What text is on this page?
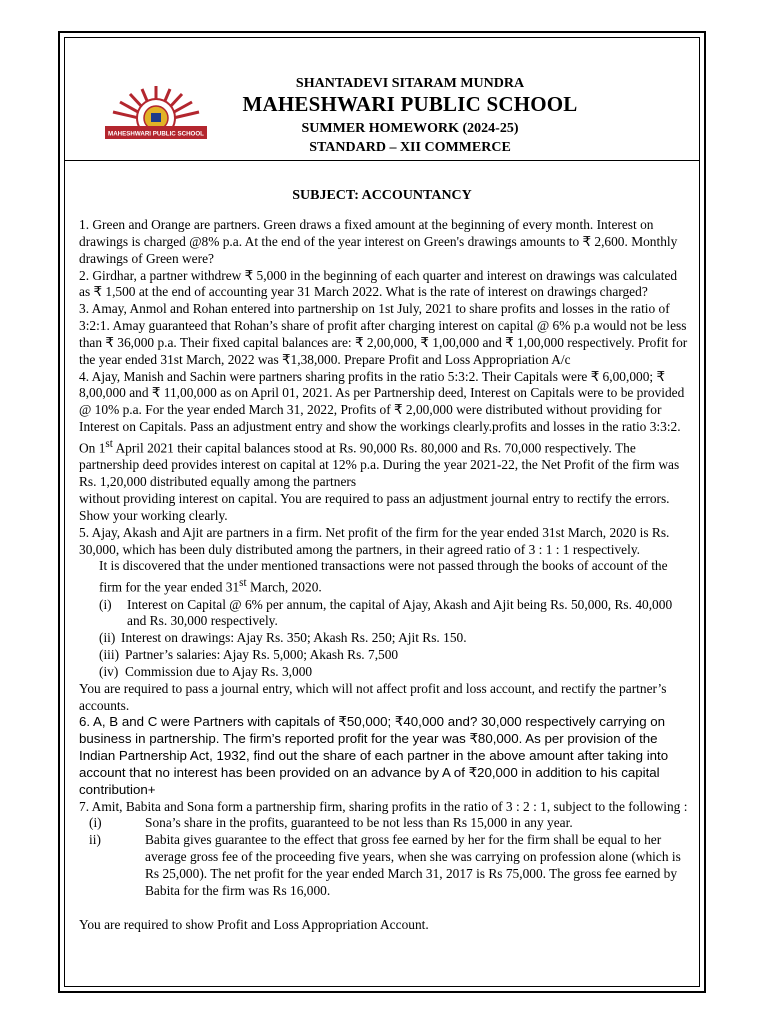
MAHESHWARI PUBLIC SCHOOL
SHANTADEVI SITARAM MUNDRA
MAHESHWARI PUBLIC SCHOOL
SUMMER HOMEWORK (2024-25)
STANDARD – XII COMMERCE
SUBJECT: ACCOUNTANCY

1. Green and Orange are partners. Green draws a fixed amount at the beginning of every month. Interest on drawings is charged @8% p.a. At the end of the year interest on Green's drawings amounts to ₹ 2,600. Monthly drawings of Green were?

2. Girdhar, a partner withdrew ₹ 5,000 in the beginning of each quarter and interest on drawings was calculated as ₹ 1,500 at the end of accounting year 31 March 2022. What is the rate of interest on drawings charged?

3. Amay, Anmol and Rohan entered into partnership on 1st July, 2021 to share profits and losses in the ratio of 3:2:1. Amay guaranteed that Rohan’s share of profit after charging interest on capital @ 6% p.a would not be less than ₹ 36,000 p.a. Their fixed capital balances are: ₹ 2,00,000, ₹ 1,00,000 and ₹ 1,00,000 respectively. Profit for the year ended 31st March, 2022 was ₹1,38,000. Prepare Profit and Loss Appropriation A/c

4. Ajay, Manish and Sachin were partners sharing profits in the ratio 5:3:2. Their Capitals were ₹ 6,00,000; ₹ 8,00,000 and ₹ 11,00,000 as on April 01, 2021. As per Partnership deed, Interest on Capitals were to be provided @ 10% p.a. For the year ended March 31, 2022, Profits of ₹ 2,00,000 were distributed without providing for Interest on Capitals. Pass an adjustment entry and show the workings clearly.profits and losses in the ratio 3:3:2. On 1st April 2021 their capital balances stood at Rs. 90,000 Rs. 80,000 and Rs. 70,000 respectively. The partnership deed provides interest on capital at 12% p.a. During the year 2021-22, the Net Profit of the firm was Rs. 1,20,000 distributed equally among the partners

without providing interest on capital. You are required to pass an adjustment journal entry to rectify the errors. Show your working clearly.

5. Ajay, Akash and Ajit are partners in a firm. Net profit of the firm for the year ended 31st March, 2020 is Rs. 30,000, which has been duly distributed among the partners, in their agreed ratio of 3 : 1 : 1 respectively.

It is discovered that the under mentioned transactions were not passed through the books of account of the firm for the year ended 31st March, 2020.

(i)	Interest on Capital @ 6% per annum, the capital of Ajay, Akash and Ajit being Rs. 50,000, Rs. 40,000 and Rs. 30,000 respectively.
(ii) Interest on drawings: Ajay Rs. 350; Akash Rs. 250; Ajit Rs. 150.
(iii) Partner’s salaries: Ajay Rs. 5,000; Akash Rs. 7,500
(iv) Commission due to Ajay Rs. 3,000

You are required to pass a journal entry, which will not affect profit and loss account, and rectify the partner’s accounts.

6. A, B and C were Partners with capitals of ₹50,000; ₹40,000 and? 30,000 respectively carrying on business in partnership. The firm’s reported profit for the year was ₹80,000. As per provision of the Indian Partnership Act, 1932, find out the share of each partner in the above amount after taking into account that no interest has been provided on an advance by A of ₹20,000 in addition to his capital contribution+

7. Amit, Babita and Sona form a partnership firm, sharing profits in the ratio of 3 : 2 : 1, subject to the following :

(i)	Sona’s share in the profits, guaranteed to be not less than Rs 15,000 in any year.
ii)	Babita gives guarantee to the effect that gross fee earned by her for the firm shall be equal to her average gross fee of the proceeding five years, when she was carrying on profession alone (which is Rs 25,000). The net profit for the year ended March 31, 2017 is Rs 75,000. The gross fee earned by Babita for the firm was Rs 16,000.

You are required to show Profit and Loss Appropriation Account.
